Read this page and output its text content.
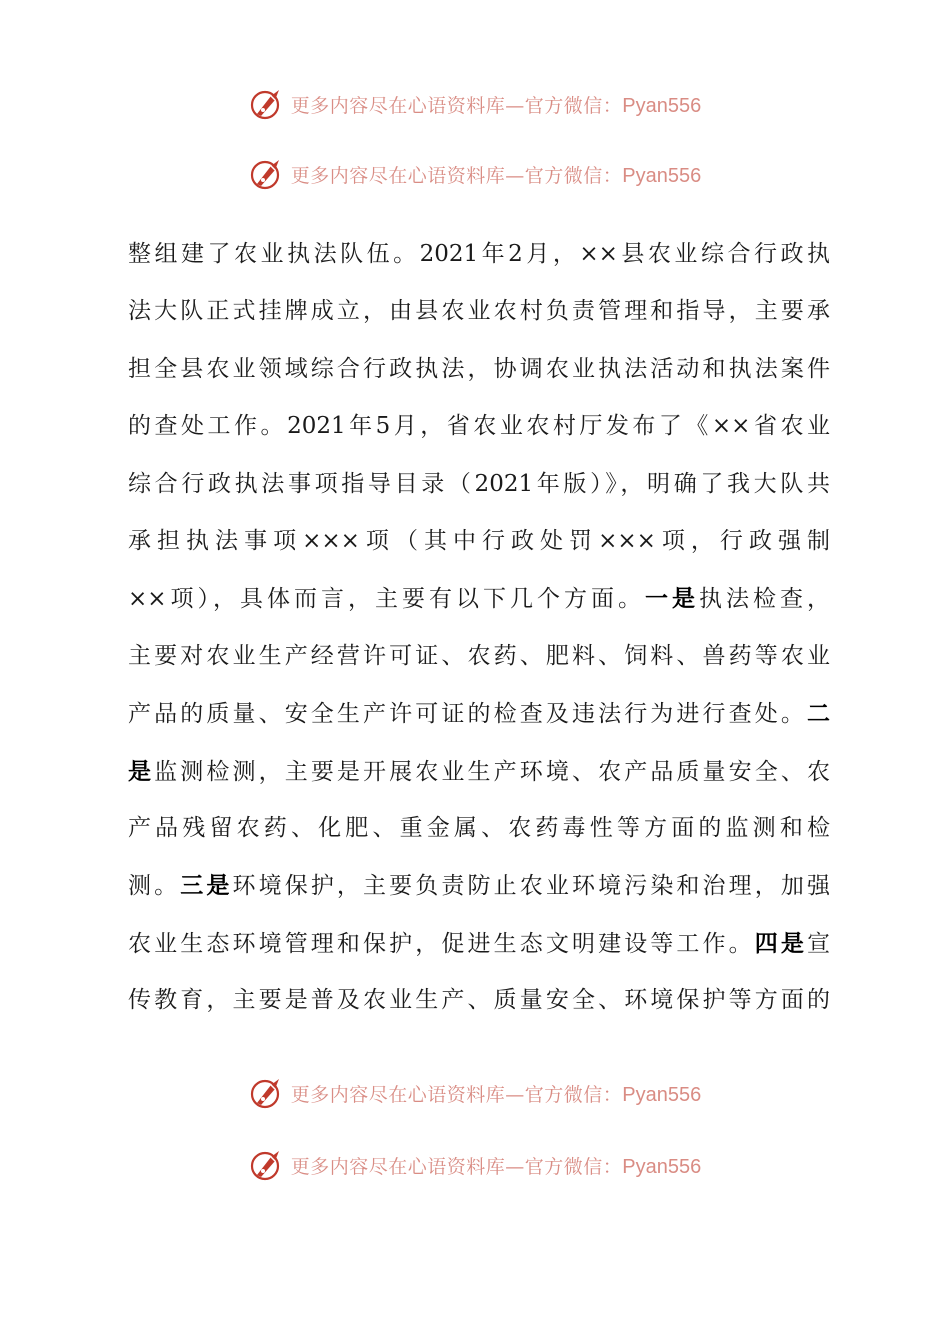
更多内容尽在心语资料库—官方微信：Pyan556
更多内容尽在心语资料库—官方微信：Pyan556
整组建了农业执法队伍。2021年2月，××县农业综合行政执
法大队正式挂牌成立，由县农业农村负责管理和指导，主要承
担全县农业领域综合行政执法，协调农业执法活动和执法案件
的查处工作。2021年5月，省农业农村厅发布了《××省农业
综合行政执法事项指导目录（2021年版）》，明确了我大队共
承担执法事项×××项（其中行政处罚×××项，行政强制
××项），具体而言，主要有以下几个方面。一是执法检查，
主要对农业生产经营许可证、农药、肥料、饲料、兽药等农业
产品的质量、安全生产许可证的检查及违法行为进行查处。二
是监测检测，主要是开展农业生产环境、农产品质量安全、农
产品残留农药、化肥、重金属、农药毒性等方面的监测和检
测。三是环境保护，主要负责防止农业环境污染和治理，加强
农业生态环境管理和保护，促进生态文明建设等工作。四是宣
传教育，主要是普及农业生产、质量安全、环境保护等方面的
更多内容尽在心语资料库—官方微信：Pyan556
更多内容尽在心语资料库—官方微信：Pyan556
